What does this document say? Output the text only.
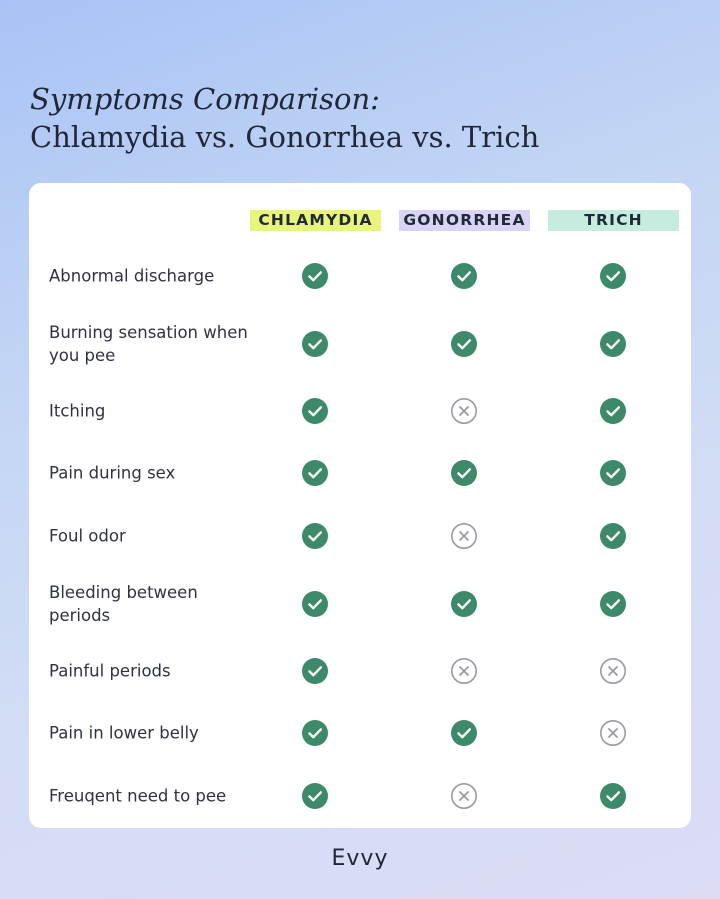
Symptoms Comparison:
Chlamydia vs. Gonorrhea vs. Trich
CHLAMYDIA	GONORRHEA	TRICH
Abnormal discharge
Burning sensation when you pee
Itching
Pain during sex
Foul odor
Bleeding between periods
Painful periods
Pain in lower belly
Freuqent need to pee
Evvy
